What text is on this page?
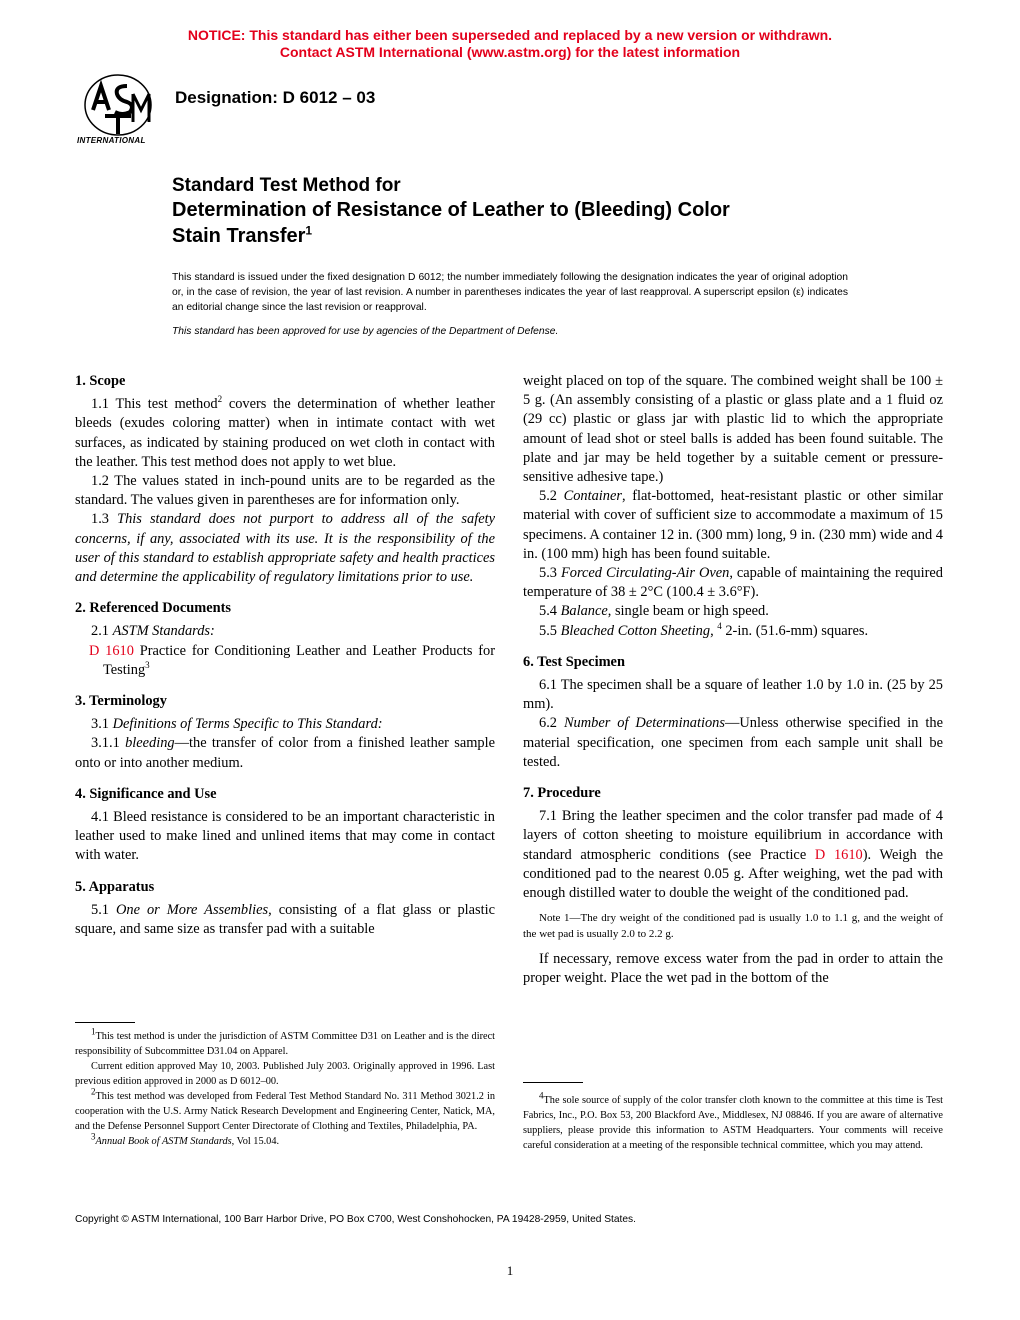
NOTICE: This standard has either been superseded and replaced by a new version or withdrawn.
Contact ASTM International (www.astm.org) for the latest information
INTERNATIONAL
Designation: D 6012 – 03
Standard Test Method for
Determination of Resistance of Leather to (Bleeding) Color
Stain Transfer$^1$
This standard is issued under the fixed designation D 6012; the number immediately following the designation indicates the year of original adoption or, in the case of revision, the year of last revision. A number in parentheses indicates the year of last reapproval. A superscript epsilon (ε) indicates an editorial change since the last revision or reapproval.
This standard has been approved for use by agencies of the Department of Defense.
1. Scope

1.1 This test method$^2$ covers the determination of whether leather bleeds (exudes coloring matter) when in intimate contact with wet surfaces, as indicated by staining produced on wet cloth in contact with the leather. This test method does not apply to wet blue.

1.2 The values stated in inch-pound units are to be regarded as the standard. The values given in parentheses are for information only.

1.3 This standard does not purport to address all of the safety concerns, if any, associated with its use. It is the responsibility of the user of this standard to establish appropriate safety and health practices and determine the applicability of regulatory limitations prior to use.

2. Referenced Documents

2.1 ASTM Standards:

D 1610 Practice for Conditioning Leather and Leather Products for Testing$^3$

3. Terminology

3.1 Definitions of Terms Specific to This Standard:

3.1.1 bleeding—the transfer of color from a finished leather sample onto or into another medium.

4. Significance and Use

4.1 Bleed resistance is considered to be an important characteristic in leather used to make lined and unlined items that may come in contact with water.

5. Apparatus

5.1 One or More Assemblies, consisting of a flat glass or plastic square, and same size as transfer pad with a suitable

$^1$This test method is under the jurisdiction of ASTM Committee D31 on Leather and is the direct responsibility of Subcommittee D31.04 on Apparel.

Current edition approved May 10, 2003. Published July 2003. Originally approved in 1996. Last previous edition approved in 2000 as D 6012–00.

$^2$This test method was developed from Federal Test Method Standard No. 311 Method 3021.2 in cooperation with the U.S. Army Natick Research Development and Engineering Center, Natick, MA, and the Defense Personnel Support Center Directorate of Clothing and Textiles, Philadelphia, PA.

$^3$Annual Book of ASTM Standards, Vol 15.04.

weight placed on top of the square. The combined weight shall be 100 ± 5 g. (An assembly consisting of a plastic or glass plate and a 1 fluid oz (29 cc) plastic or glass jar with plastic lid to which the appropriate amount of lead shot or steel balls is added has been found suitable. The plate and jar may be held together by a suitable cement or pressure-sensitive adhesive tape.)

5.2 Container, flat-bottomed, heat-resistant plastic or other similar material with cover of sufficient size to accommodate a maximum of 15 specimens. A container 12 in. (300 mm) long, 9 in. (230 mm) wide and 4 in. (100 mm) high has been found suitable.

5.3 Forced Circulating-Air Oven, capable of maintaining the required temperature of 38 ± 2°C (100.4 ± 3.6°F).

5.4 Balance, single beam or high speed.

5.5 Bleached Cotton Sheeting, $^4$ 2-in. (51.6-mm) squares.

6. Test Specimen

6.1 The specimen shall be a square of leather 1.0 by 1.0 in. (25 by 25 mm).

6.2 Number of Determinations—Unless otherwise specified in the material specification, one specimen from each sample unit shall be tested.

7. Procedure

7.1 Bring the leather specimen and the color transfer pad made of 4 layers of cotton sheeting to moisture equilibrium in accordance with standard atmospheric conditions (see Practice D 1610). Weigh the conditioned pad to the nearest 0.05 g. After weighing, wet the pad with enough distilled water to double the weight of the conditioned pad.

Note 1—The dry weight of the conditioned pad is usually 1.0 to 1.1 g, and the weight of the wet pad is usually 2.0 to 2.2 g.

If necessary, remove excess water from the pad in order to attain the proper weight. Place the wet pad in the bottom of the

$^4$The sole source of supply of the color transfer cloth known to the committee at this time is Test Fabrics, Inc., P.O. Box 53, 200 Blackford Ave., Middlesex, NJ 08846. If you are aware of alternative suppliers, please provide this information to ASTM Headquarters. Your comments will receive careful consideration at a meeting of the responsible technical committee, which you may attend.

Copyright © ASTM International, 100 Barr Harbor Drive, PO Box C700, West Conshohocken, PA 19428-2959, United States.
1
